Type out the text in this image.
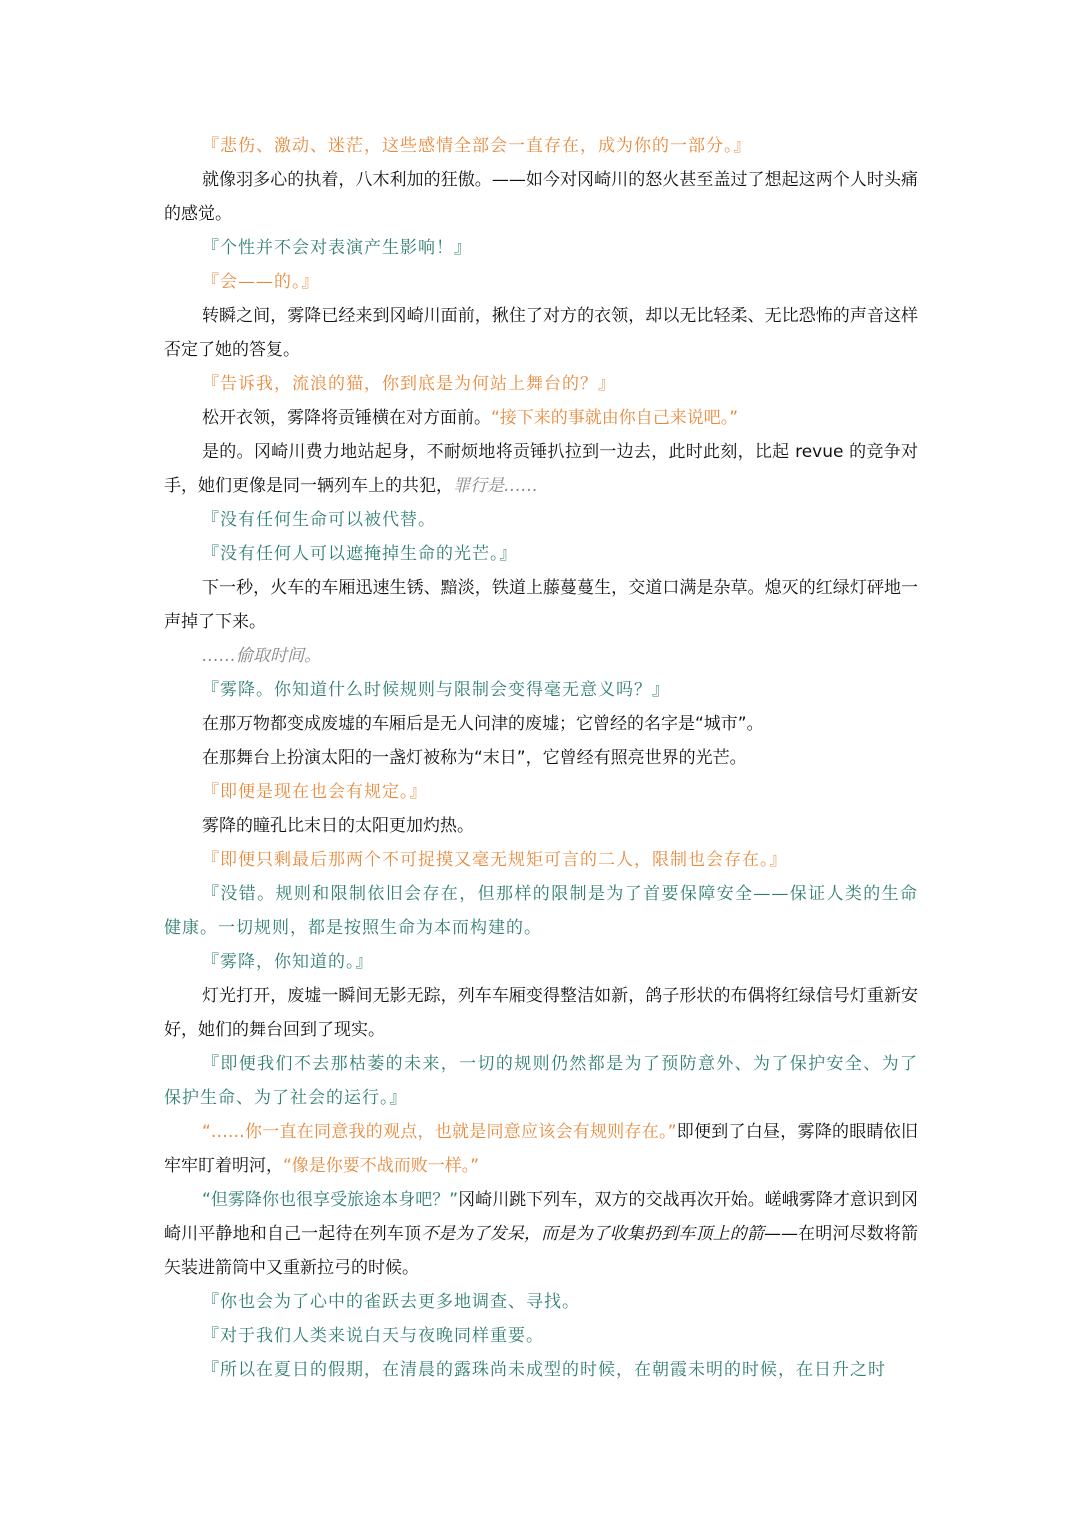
『悲伤、激动、迷茫，这些感情全部会一直存在，成为你的一部分。』

就像羽多心的执着，八木利加的狂傲。——如今对冈崎川的怒火甚至盖过了想起这两个人时头痛的感觉。

『个性并不会对表演产生影响！』

『会——的。』

转瞬之间，雾降已经来到冈崎川面前，揪住了对方的衣领，却以无比轻柔、无比恐怖的声音这样否定了她的答复。

『告诉我，流浪的猫，你到底是为何站上舞台的？』

松开衣领，雾降将贡锤横在对方面前。“接下来的事就由你自己来说吧。”

是的。冈崎川费力地站起身，不耐烦地将贡锤扒拉到一边去，此时此刻，比起 revue 的竞争对手，她们更像是同一辆列车上的共犯，罪行是……

『没有任何生命可以被代替。

『没有任何人可以遮掩掉生命的光芒。』

下一秒，火车的车厢迅速生锈、黯淡，铁道上藤蔓蔓生，交道口满是杂草。熄灭的红绿灯砰地一声掉了下来。

……偷取时间。

『雾降。你知道什么时候规则与限制会变得毫无意义吗？』

在那万物都变成废墟的车厢后是无人问津的废墟；它曾经的名字是“城市”。

在那舞台上扮演太阳的一盏灯被称为“末日”，它曾经有照亮世界的光芒。

『即便是现在也会有规定。』

雾降的瞳孔比末日的太阳更加灼热。

『即便只剩最后那两个不可捉摸又毫无规矩可言的二人，限制也会存在。』

『没错。规则和限制依旧会存在，但那样的限制是为了首要保障安全——保证人类的生命健康。一切规则，都是按照生命为本而构建的。

『雾降，你知道的。』

灯光打开，废墟一瞬间无影无踪，列车车厢变得整洁如新，鸽子形状的布偶将红绿信号灯重新安好，她们的舞台回到了现实。

『即便我们不去那枯萎的未来，一切的规则仍然都是为了预防意外、为了保护安全、为了保护生命、为了社会的运行。』

“……你一直在同意我的观点，也就是同意应该会有规则存在。”即便到了白昼，雾降的眼睛依旧牢牢盯着明河，“像是你要不战而败一样。”

“但雾降你也很享受旅途本身吧？”冈崎川跳下列车，双方的交战再次开始。嵯峨雾降才意识到冈崎川平静地和自己一起待在列车顶不是为了发呆，而是为了收集扔到车顶上的箭——在明河尽数将箭矢装进箭筒中又重新拉弓的时候。

『你也会为了心中的雀跃去更多地调查、寻找。

『对于我们人类来说白天与夜晚同样重要。

『所以在夏日的假期，在清晨的露珠尚未成型的时候，在朝霞未明的时候，在日升之时
